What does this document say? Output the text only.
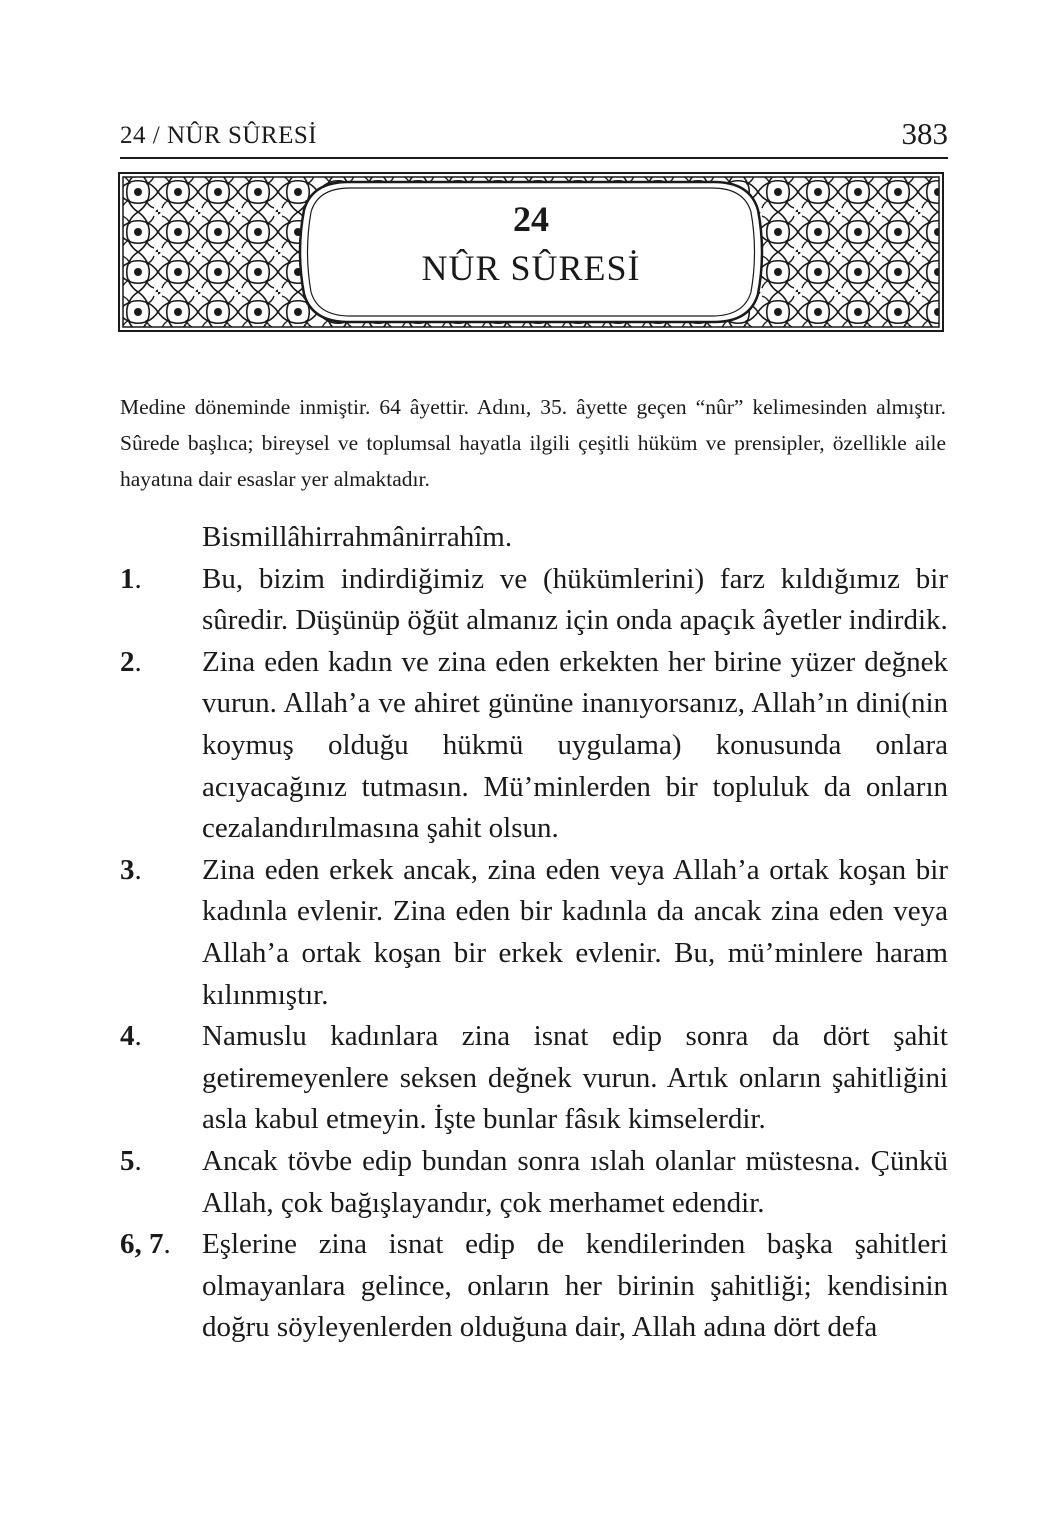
24 / NÛR SÛRESİ	383
24
NÛR SÛRESİ

Medine döneminde inmiştir. 64 âyettir. Adını, 35. âyette geçen “nûr” kelimesinden almıştır. Sûrede başlıca; bireysel ve toplumsal hayatla ilgili çeşitli hüküm ve prensipler, özellikle aile hayatına dair esaslar yer almaktadır.

Bismillâhirrahmânirrahîm.
1.	Bu, bizim indirdiğimiz ve (hükümlerini) farz kıldığımız bir sûredir. Düşünüp öğüt almanız için onda apaçık âyetler indirdik.
2.	Zina eden kadın ve zina eden erkekten her birine yüzer değnek vurun. Allah’a ve ahiret gününe inanıyorsanız, Allah’ın dini(nin koymuş olduğu hükmü uygulama) konusunda onlara acıyacağınız tutmasın. Mü’minlerden bir topluluk da onların cezalandırılmasına şahit olsun.
3.	Zina eden erkek ancak, zina eden veya Allah’a ortak koşan bir kadınla evlenir. Zina eden bir kadınla da ancak zina eden veya Allah’a ortak koşan bir erkek evlenir. Bu, mü’minlere haram kılınmıştır.
4.	Namuslu kadınlara zina isnat edip sonra da dört şahit getiremeyenlere seksen değnek vurun. Artık onların şahitliğini asla kabul etmeyin. İşte bunlar fâsık kimselerdir.
5.	Ancak tövbe edip bundan sonra ıslah olanlar müstesna. Çünkü Allah, çok bağışlayandır, çok merhamet edendir.
6, 7.	Eşlerine zina isnat edip de kendilerinden başka şahitleri olmayanlara gelince, onların her birinin şahitliği; kendisinin doğru söyleyenlerden olduğuna dair, Allah adına dört defa
